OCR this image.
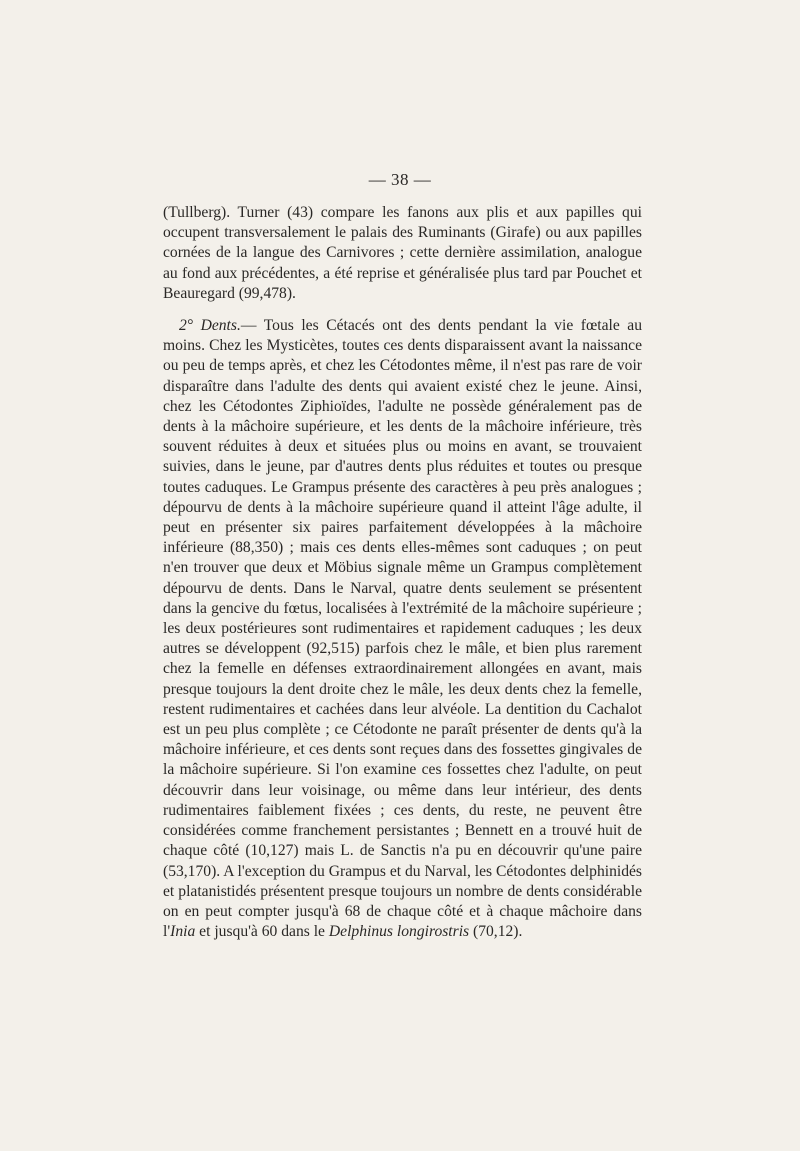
— 38 —

(Tullberg). Turner (43) compare les fanons aux plis et aux papilles qui occupent transversalement le palais des Ruminants (Girafe) ou aux papilles cornées de la langue des Carnivores ; cette dernière assimilation, analogue au fond aux précédentes, a été reprise et généralisée plus tard par Pouchet et Beauregard (99,478).

2° Dents.— Tous les Cétacés ont des dents pendant la vie fœtale au moins. Chez les Mysticètes, toutes ces dents disparaissent avant la naissance ou peu de temps après, et chez les Cétodontes même, il n'est pas rare de voir disparaître dans l'adulte des dents qui avaient existé chez le jeune. Ainsi, chez les Cétodontes Ziphioïdes, l'adulte ne possède généralement pas de dents à la mâchoire supérieure, et les dents de la mâchoire inférieure, très souvent réduites à deux et situées plus ou moins en avant, se trouvaient suivies, dans le jeune, par d'autres dents plus réduites et toutes ou presque toutes caduques. Le Grampus présente des caractères à peu près analogues ; dépourvu de dents à la mâchoire supérieure quand il atteint l'âge adulte, il peut en présenter six paires parfaitement développées à la mâchoire inférieure (88,350) ; mais ces dents elles-mêmes sont caduques ; on peut n'en trouver que deux et Möbius signale même un Grampus complètement dépourvu de dents. Dans le Narval, quatre dents seulement se présentent dans la gencive du fœtus, localisées à l'extrémité de la mâchoire supérieure ; les deux postérieures sont rudimentaires et rapidement caduques ; les deux autres se développent (92,515) parfois chez le mâle, et bien plus rarement chez la femelle en défenses extraordinairement allongées en avant, mais presque toujours la dent droite chez le mâle, les deux dents chez la femelle, restent rudimentaires et cachées dans leur alvéole. La dentition du Cachalot est un peu plus complète ; ce Cétodonte ne paraît présenter de dents qu'à la mâchoire inférieure, et ces dents sont reçues dans des fossettes gingivales de la mâchoire supérieure. Si l'on examine ces fossettes chez l'adulte, on peut découvrir dans leur voisinage, ou même dans leur intérieur, des dents rudimentaires faiblement fixées ; ces dents, du reste, ne peuvent être considérées comme franchement persistantes ; Bennett en a trouvé huit de chaque côté (10,127) mais L. de Sanctis n'a pu en découvrir qu'une paire (53,170). A l'exception du Grampus et du Narval, les Cétodontes delphinidés et platanistidés présentent presque toujours un nombre de dents considérable on en peut compter jusqu'à 68 de chaque côté et à chaque mâchoire dans l'Inia et jusqu'à 60 dans le Delphinus longirostris (70,12).
